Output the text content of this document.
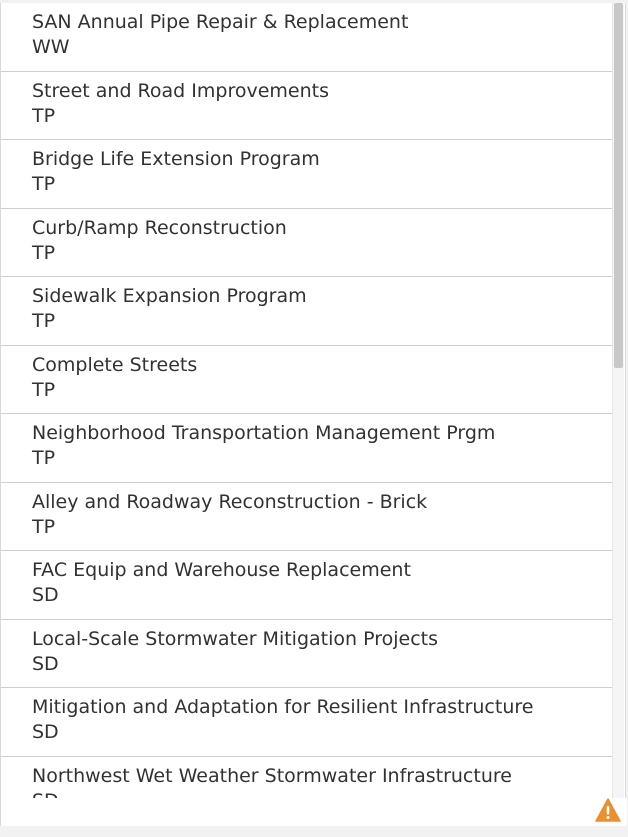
SAN Annual Pipe Repair & Replacement
WW
Street and Road Improvements
TP
Bridge Life Extension Program
TP
Curb/Ramp Reconstruction
TP
Sidewalk Expansion Program
TP
Complete Streets
TP
Neighborhood Transportation Management Prgm
TP
Alley and Roadway Reconstruction - Brick
TP
FAC Equip and Warehouse Replacement
SD
Local-Scale Stormwater Mitigation Projects
SD
Mitigation and Adaptation for Resilient Infrastructure
SD
Northwest Wet Weather Stormwater Infrastructure
